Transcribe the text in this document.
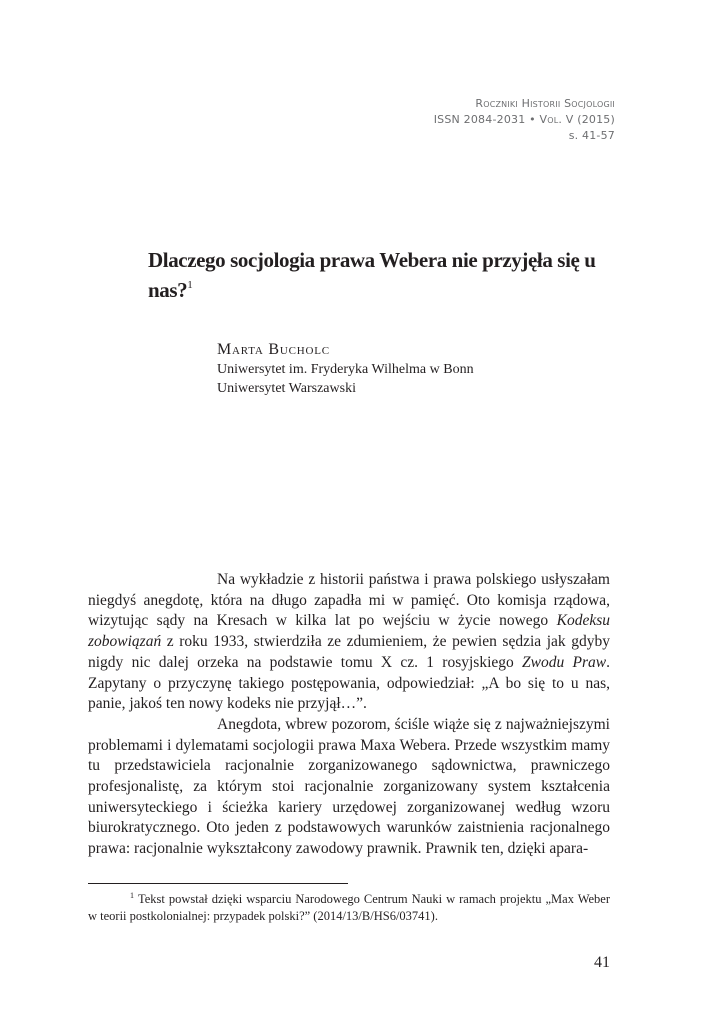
Roczniki Historii Socjologii
ISSN 2084-2031 • Vol. V (2015)
s. 41-57
Dlaczego socjologia prawa Webera nie przyjęła się u nas?$^1$
Marta Bucholc
Uniwersytet im. Fryderyka Wilhelma w Bonn
Uniwersytet Warszawski

Na wykładzie z historii państwa i prawa polskiego usłyszałam niegdyś anegdotę, która na długo zapadła mi w pamięć. Oto komisja rządowa, wizytując sądy na Kresach w kilka lat po wejściu w życie nowego Kodeksu zobowiązań z roku 1933, stwierdziła ze zdumieniem, że pewien sędzia jak gdyby nigdy nic dalej orzeka na podstawie tomu X cz. 1 rosyjskiego Zwodu Praw. Zapytany o przyczynę takiego postępowania, odpowiedział: „A bo się to u nas, panie, jakoś ten nowy kodeks nie przyjął…”.

Anegdota, wbrew pozorom, ściśle wiąże się z najważniejszymi problemami i dylematami socjologii prawa Maxa Webera. Przede wszystkim mamy tu przedstawiciela racjonalnie zorganizowanego sądownictwa, prawniczego profesjonalistę, za którym stoi racjonalnie zorganizowany system kształcenia uniwersyteckiego i ścieżka kariery urzędowej zorganizowanej według wzoru biurokratycznego. Oto jeden z podstawowych warunków zaistnienia racjonalnego prawa: racjonalnie wykształcony zawodowy prawnik. Prawnik ten, dzięki apara-

$^1$ Tekst powstał dzięki wsparciu Narodowego Centrum Nauki w ramach projektu „Max Weber w teorii postkolonialnej: przypadek polski?” (2014/13/B/HS6/03741).

41
